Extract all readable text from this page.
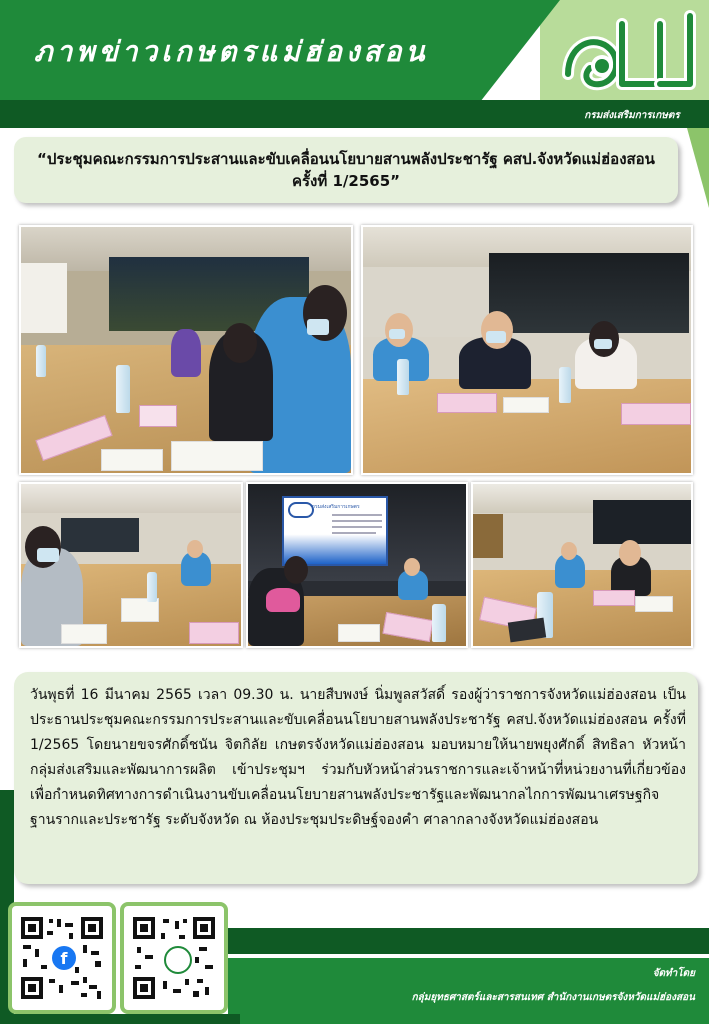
ภาพข่าวเกษตรแม่ฮ่องสอน
กรมส่งเสริมการเกษตร
“ประชุมคณะกรรมการประสานและขับเคลื่อนนโยบายสานพลังประชารัฐ คสป.จังหวัดแม่ฮ่องสอน
ครั้งที่ 1/2565”
กรมส่งเสริมการเกษตร
วันพุธที่ 16 มีนาคม 2565 เวลา 09.30 น. นายสืบพงษ์ นิ่มพูลสวัสดิ์ รองผู้ว่าราชการจังหวัดแม่ฮ่องสอน เป็นประธานประชุมคณะกรรมการประสานและขับเคลื่อนนโยบายสานพลังประชารัฐ คสป.จังหวัดแม่ฮ่องสอน ครั้งที่ 1/2565 โดยนายขจรศักดิ์ชนัน จิตกิลัย เกษตรจังหวัดแม่ฮ่องสอน มอบหมายให้นายพยุงศักดิ์ สิทธิลา หัวหน้ากลุ่มส่งเสริมและพัฒนาการผลิต เข้าประชุมฯ ร่วมกับหัวหน้าส่วนราชการและเจ้าหน้าที่หน่วยงานที่เกี่ยวข้อง เพื่อกำหนดทิศทางการดำเนินงานขับเคลื่อนนโยบายสานพลังประชารัฐและพัฒนากลไกการพัฒนาเศรษฐกิจฐานรากและประชารัฐ ระดับจังหวัด ณ ห้องประชุมประดิษฐ์จองคำ ศาลากลางจังหวัดแม่ฮ่องสอน
f
จัดทำโดย
กลุ่มยุทธศาสตร์และสารสนเทศ สำนักงานเกษตรจังหวัดแม่ฮ่องสอน
